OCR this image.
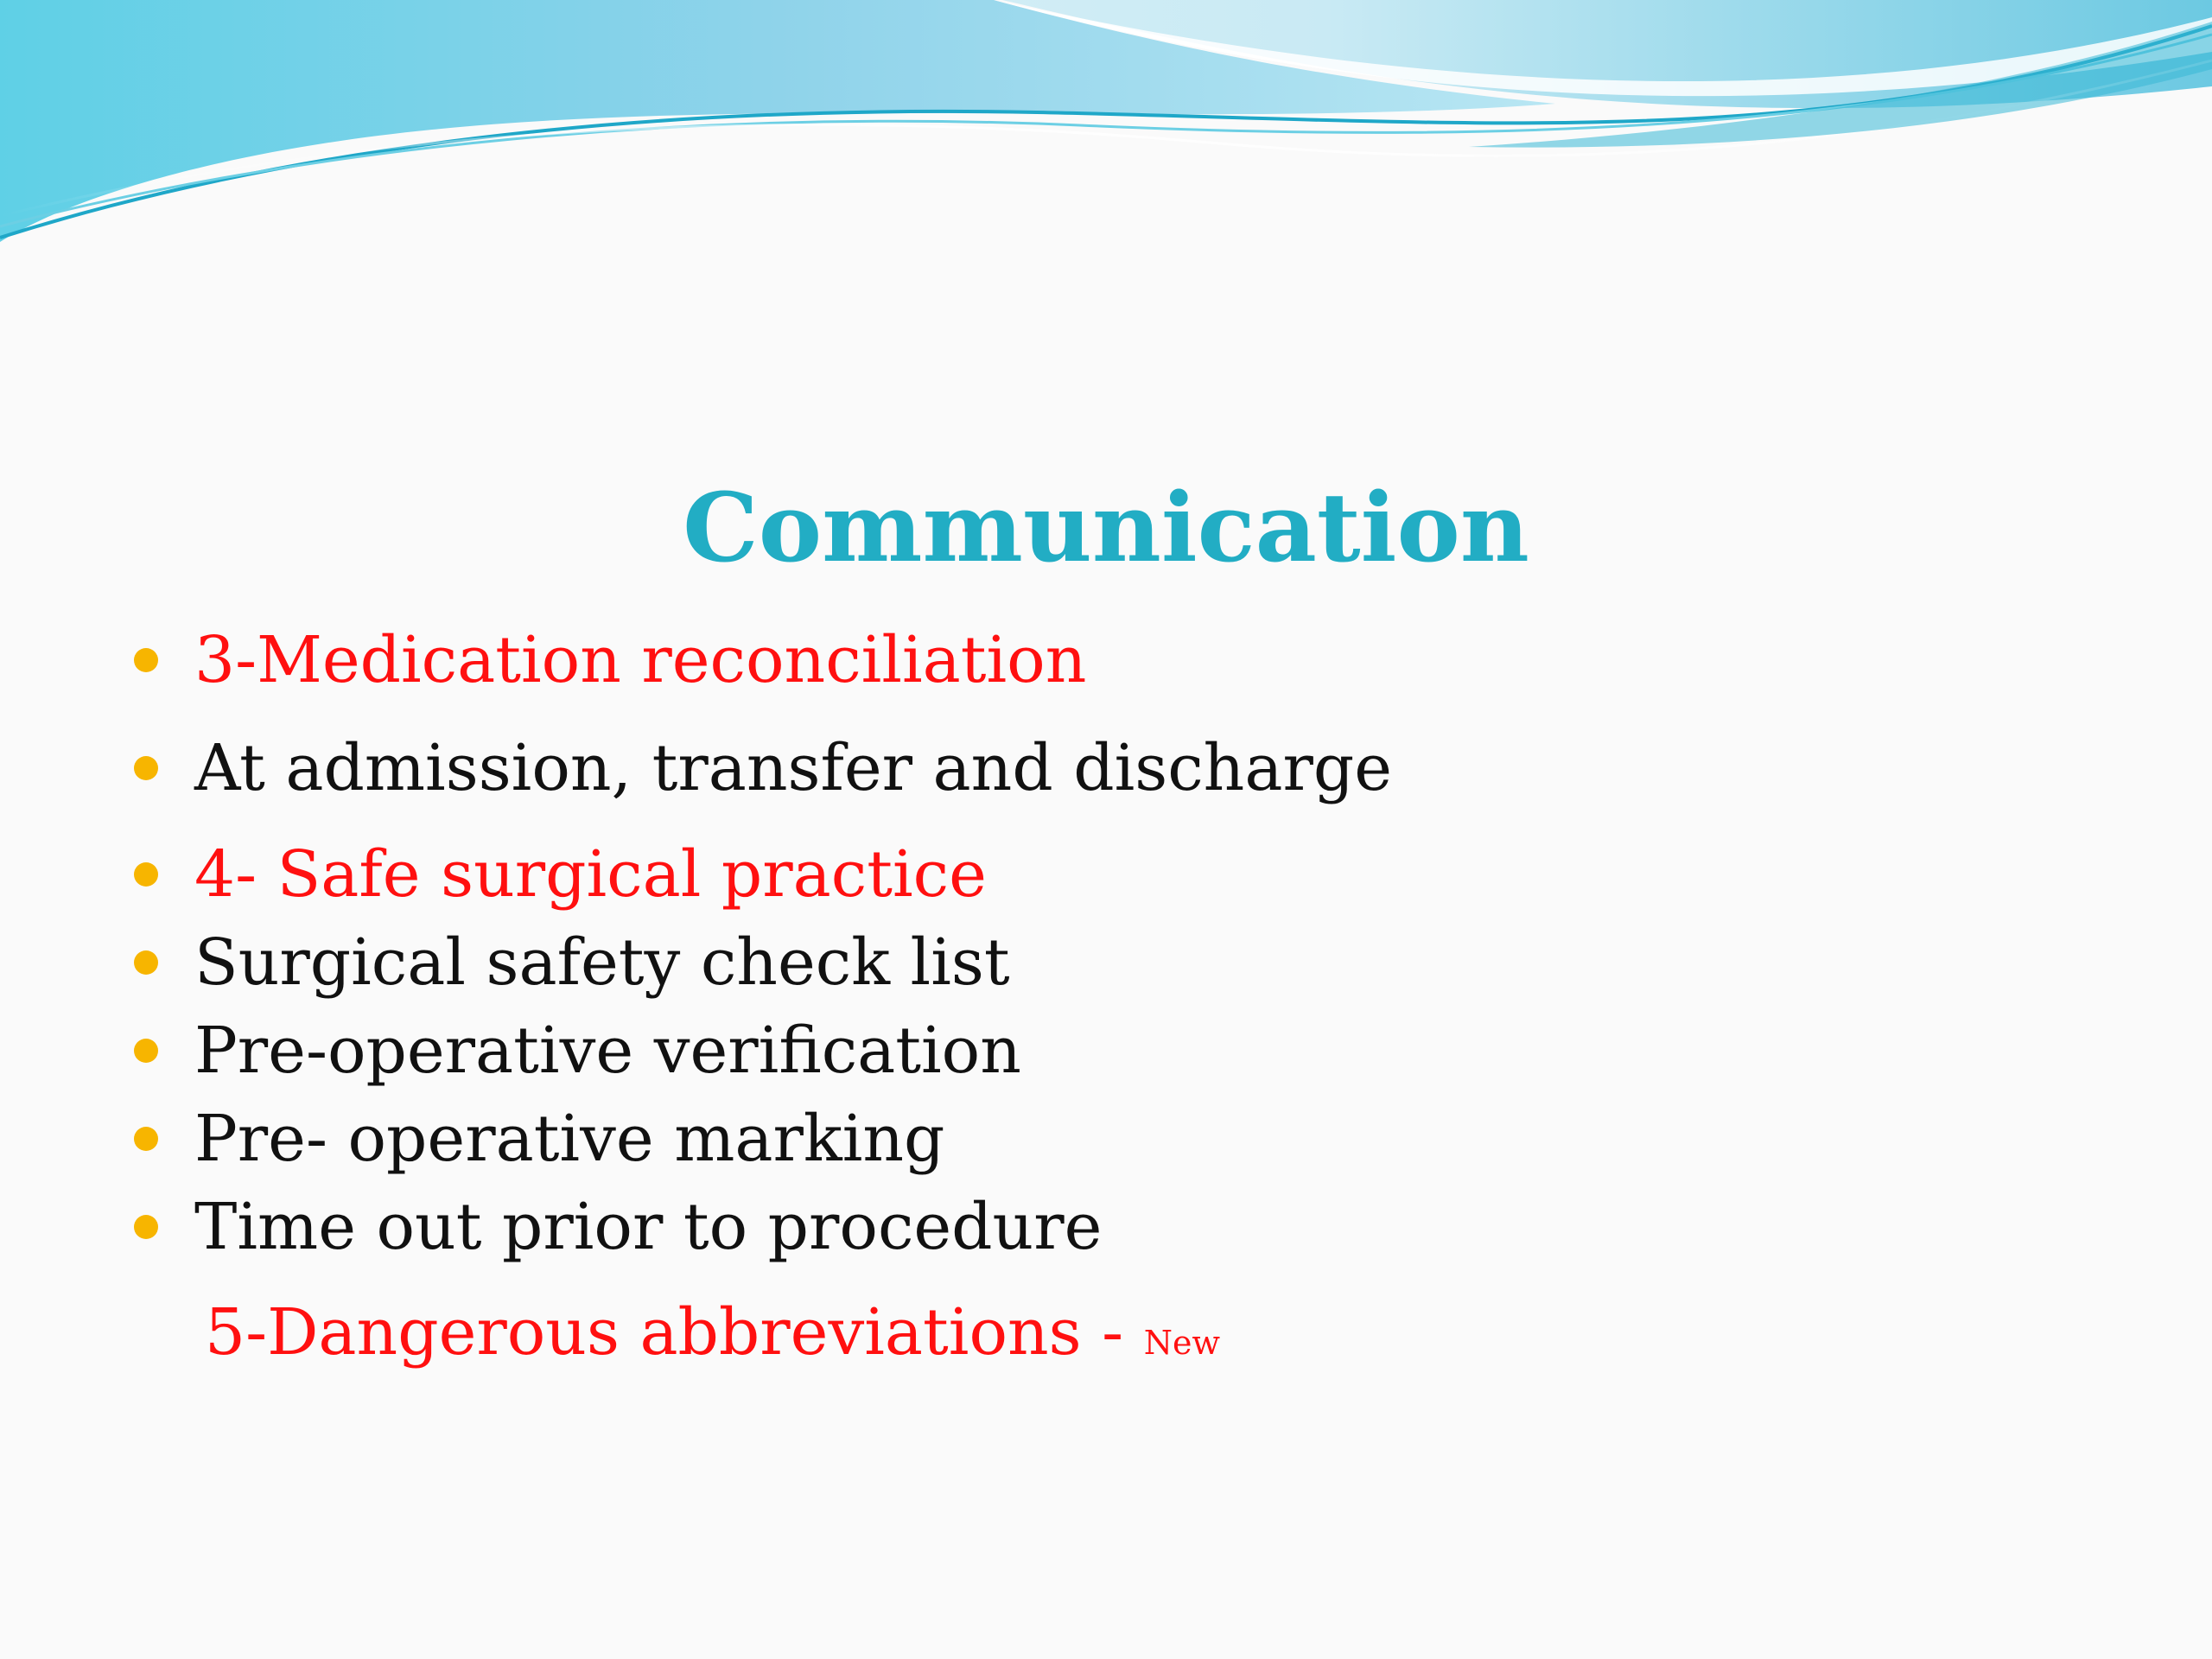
Communication
3-Medication reconciliation
At admission, transfer and discharge
4- Safe surgical practice
Surgical safety check list
Pre-operative verification
Pre- operative marking
Time out prior to procedure
5-Dangerous abbreviations - New
